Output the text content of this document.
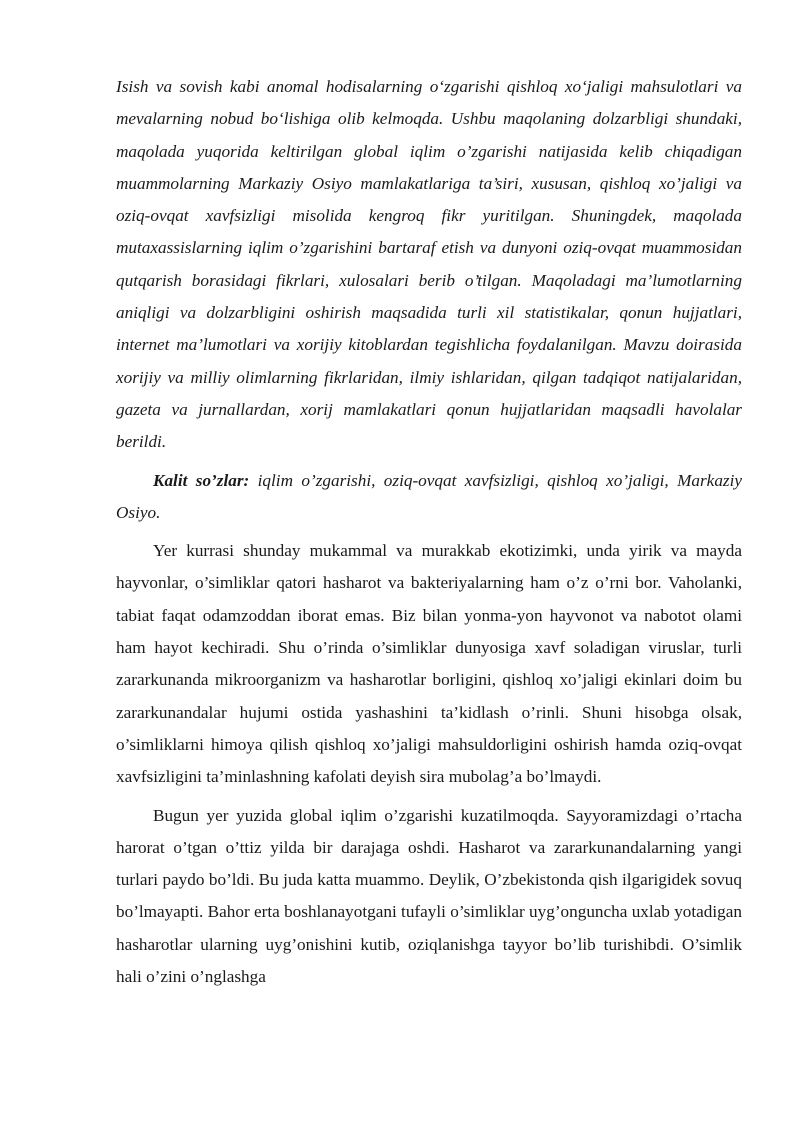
Isish va sovish kabi anomal hodisalarning o‘zgarishi qishloq xo‘jaligi mahsulotlari va mevalarning nobud bo‘lishiga olib kelmoqda. Ushbu maqolaning dolzarbligi shundaki, maqolada yuqorida keltirilgan global iqlim o’zgarishi natijasida kelib chiqadigan muammolarning Markaziy Osiyo mamlakatlariga ta’siri, xususan, qishloq xo’jaligi va oziq-ovqat xavfsizligi misolida kengroq fikr yuritilgan. Shuningdek, maqolada mutaxassislarning iqlim o’zgarishini bartaraf etish va dunyoni oziq-ovqat muammosidan qutqarish borasidagi fikrlari, xulosalari berib o’tilgan. Maqoladagi ma’lumotlarning aniqligi va dolzarbligini oshirish maqsadida turli xil statistikalar, qonun hujjatlari, internet ma’lumotlari va xorijiy kitoblardan tegishlicha foydalanilgan. Mavzu doirasida xorijiy va milliy olimlarning fikrlaridan, ilmiy ishlaridan, qilgan tadqiqot natijalaridan, gazeta va jurnallardan, xorij mamlakatlari qonun hujjatlaridan maqsadli havolalar berildi.

Kalit so’zlar: iqlim o’zgarishi, oziq-ovqat xavfsizligi, qishloq xo’jaligi, Markaziy Osiyo.

Yer kurrasi shunday mukammal va murakkab ekotizimki, unda yirik va mayda hayvonlar, o’simliklar qatori hasharot va bakteriyalarning ham o’z o’rni bor. Vaholanki, tabiat faqat odamzoddan iborat emas. Biz bilan yonma-yon hayvonot va nabotot olami ham hayot kechiradi. Shu o’rinda o’simliklar dunyosiga xavf soladigan viruslar, turli zararkunanda mikroorganizm va hasharotlar borligini, qishloq xo’jaligi ekinlari doim bu zararkunandalar hujumi ostida yashashini ta’kidlash o’rinli. Shuni hisobga olsak, o’simliklarni himoya qilish qishloq xo’jaligi mahsuldorligini oshirish hamda oziq-ovqat xavfsizligini ta’minlashning kafolati deyish sira mubolag’a bo’lmaydi.

Bugun yer yuzida global iqlim o’zgarishi kuzatilmoqda. Sayyoramizdagi o’rtacha harorat o’tgan o’ttiz yilda bir darajaga oshdi. Hasharot va zararkunandalarning yangi turlari paydo bo’ldi. Bu juda katta muammo. Deylik, O’zbekistonda qish ilgarigidek sovuq bo’lmayapti. Bahor erta boshlanayotgani tufayli o’simliklar uyg’onguncha uxlab yotadigan hasharotlar ularning uyg’onishini kutib, oziqlanishga tayyor bo’lib turishibdi. O’simlik hali o’zini o’nglashga
